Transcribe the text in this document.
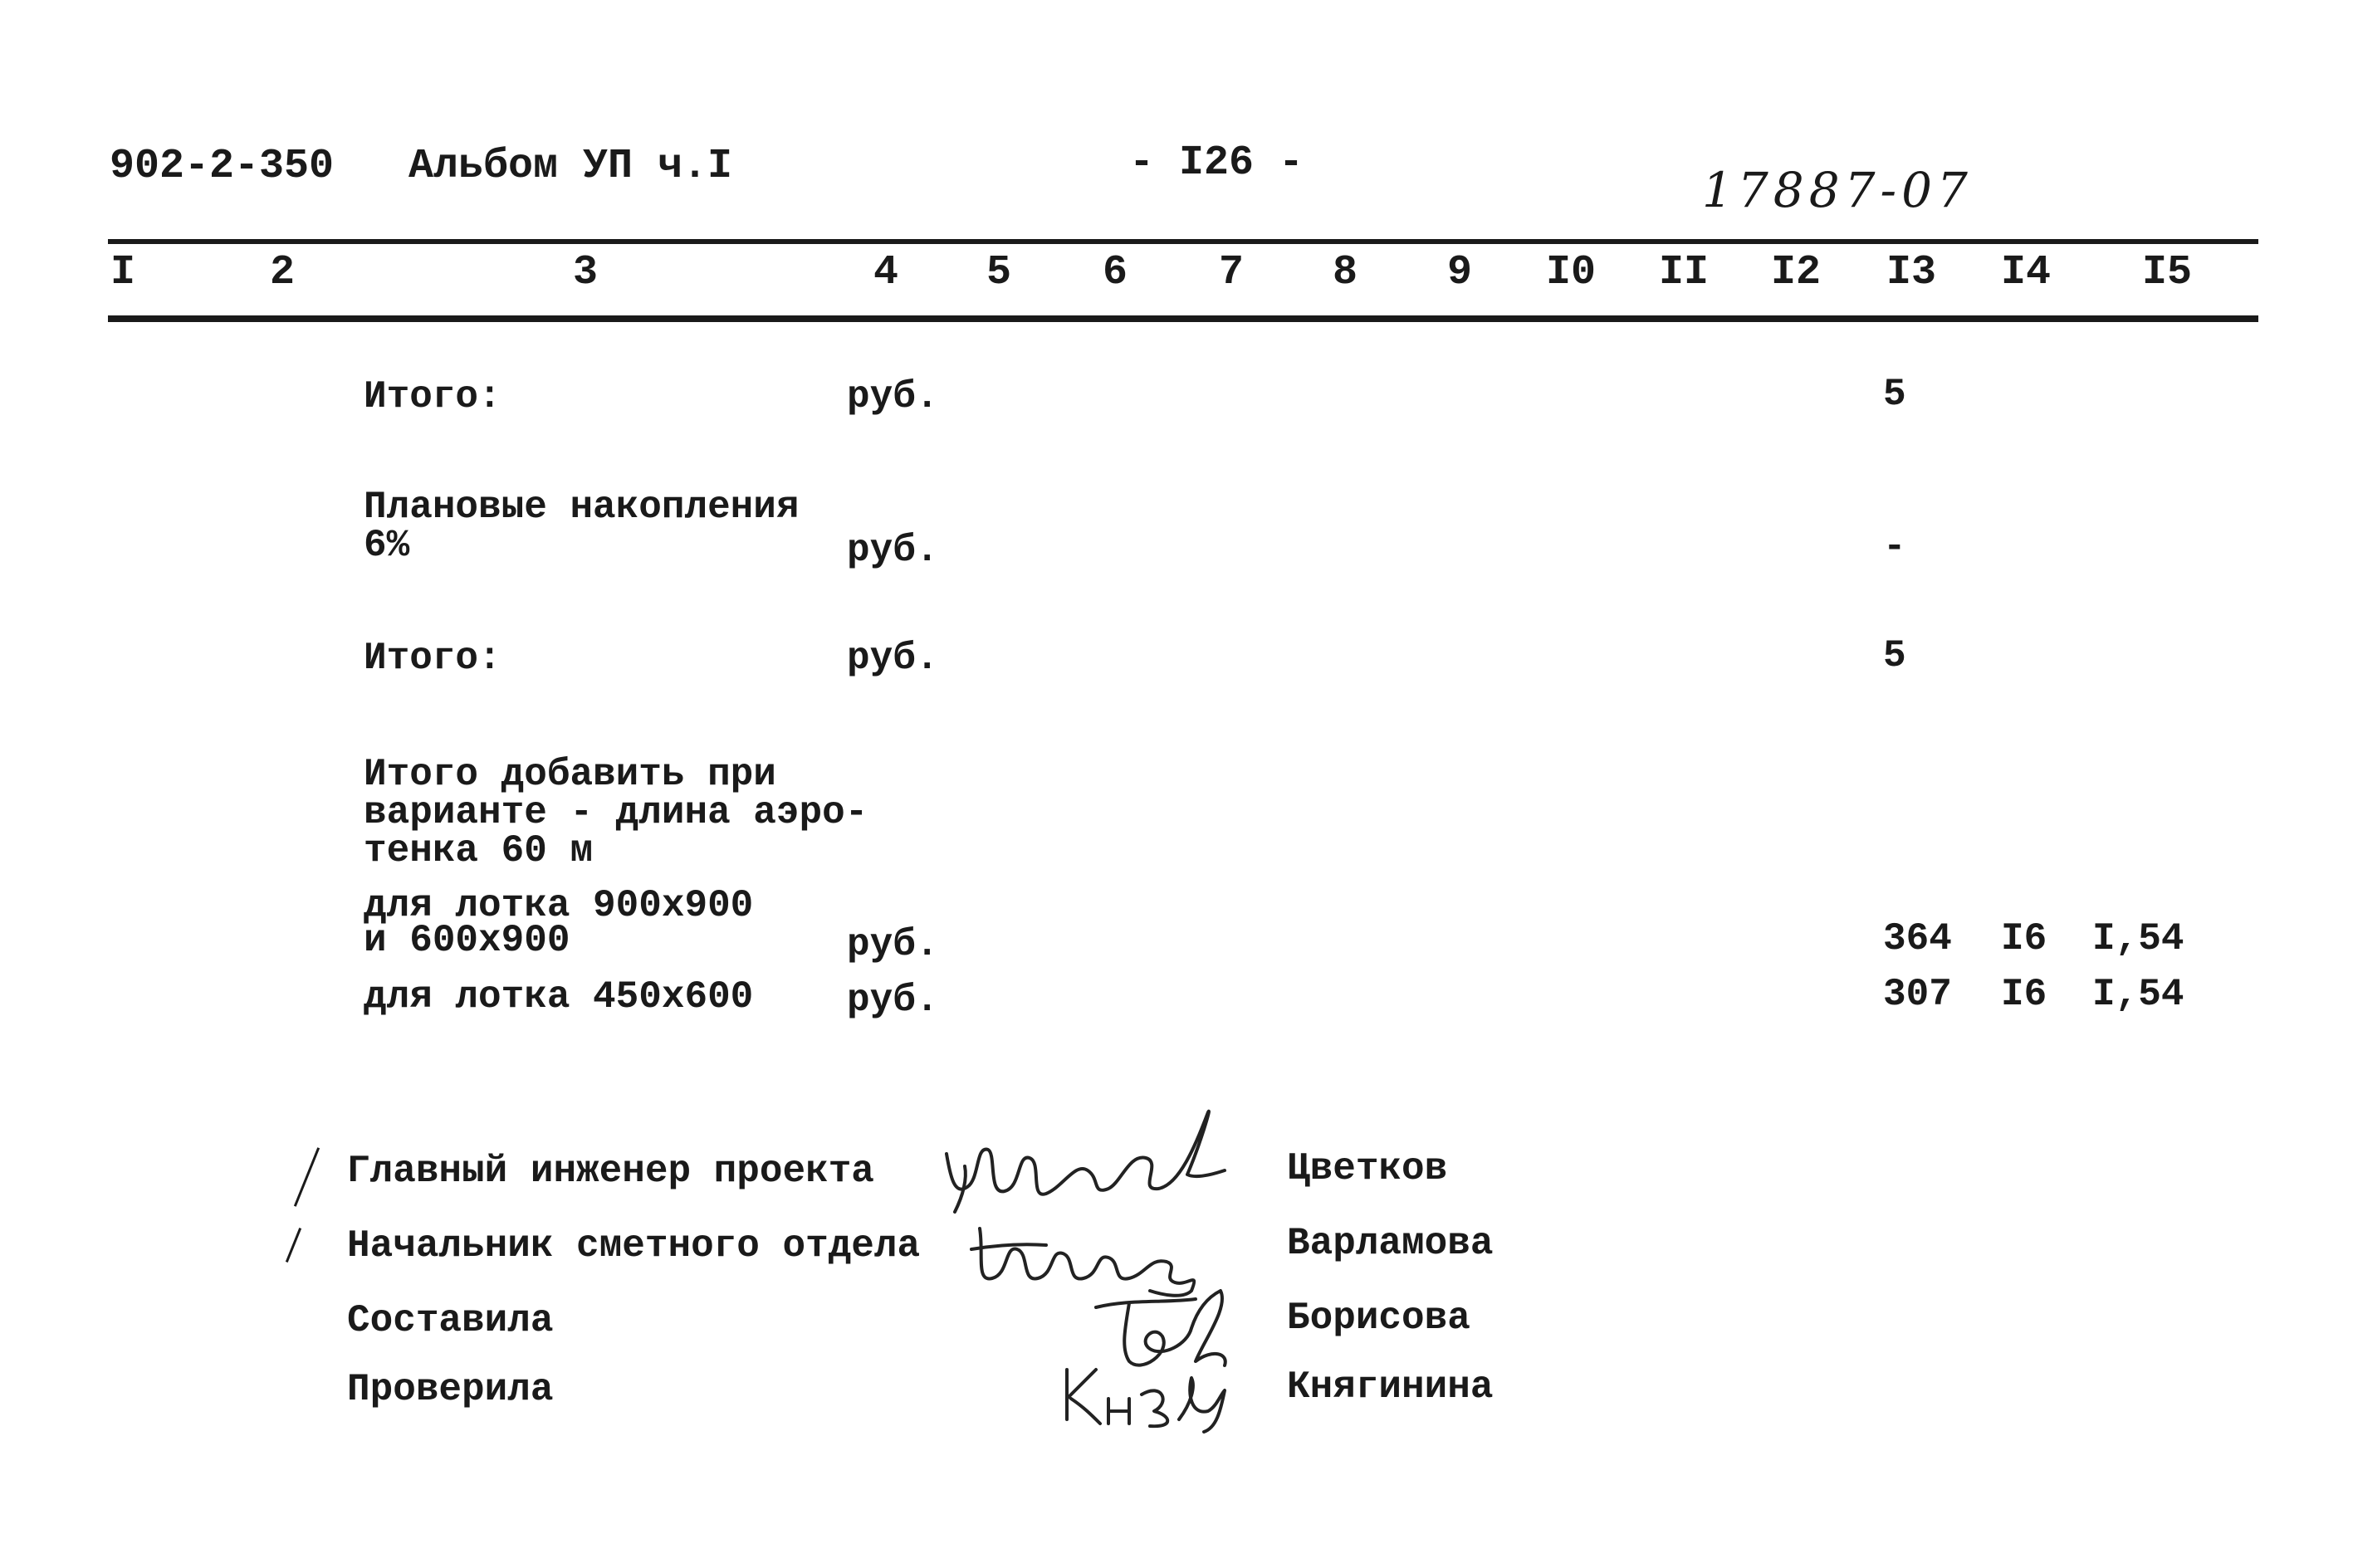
902-2-350 Альбом УП ч.I	- I26 -	17887-07
I	2	3	4 5 6 7 8 9 I0 II I2 I3 I4 I5
Итого:	руб.	5
Плановые накопления
6%	руб.	-
Итого:	руб.	5
Итого добавить при
варианте - длина аэро-
тенка 60 м
для лотка 900x900
и 600x900	руб.	364 I6 I,54
для лотка 450x600 руб.	307 I6 I,54
Главный инженер проекта
Начальник сметного отдела
Составила
Проверила
Цветков
Варламова
Борисова
Княгинина
